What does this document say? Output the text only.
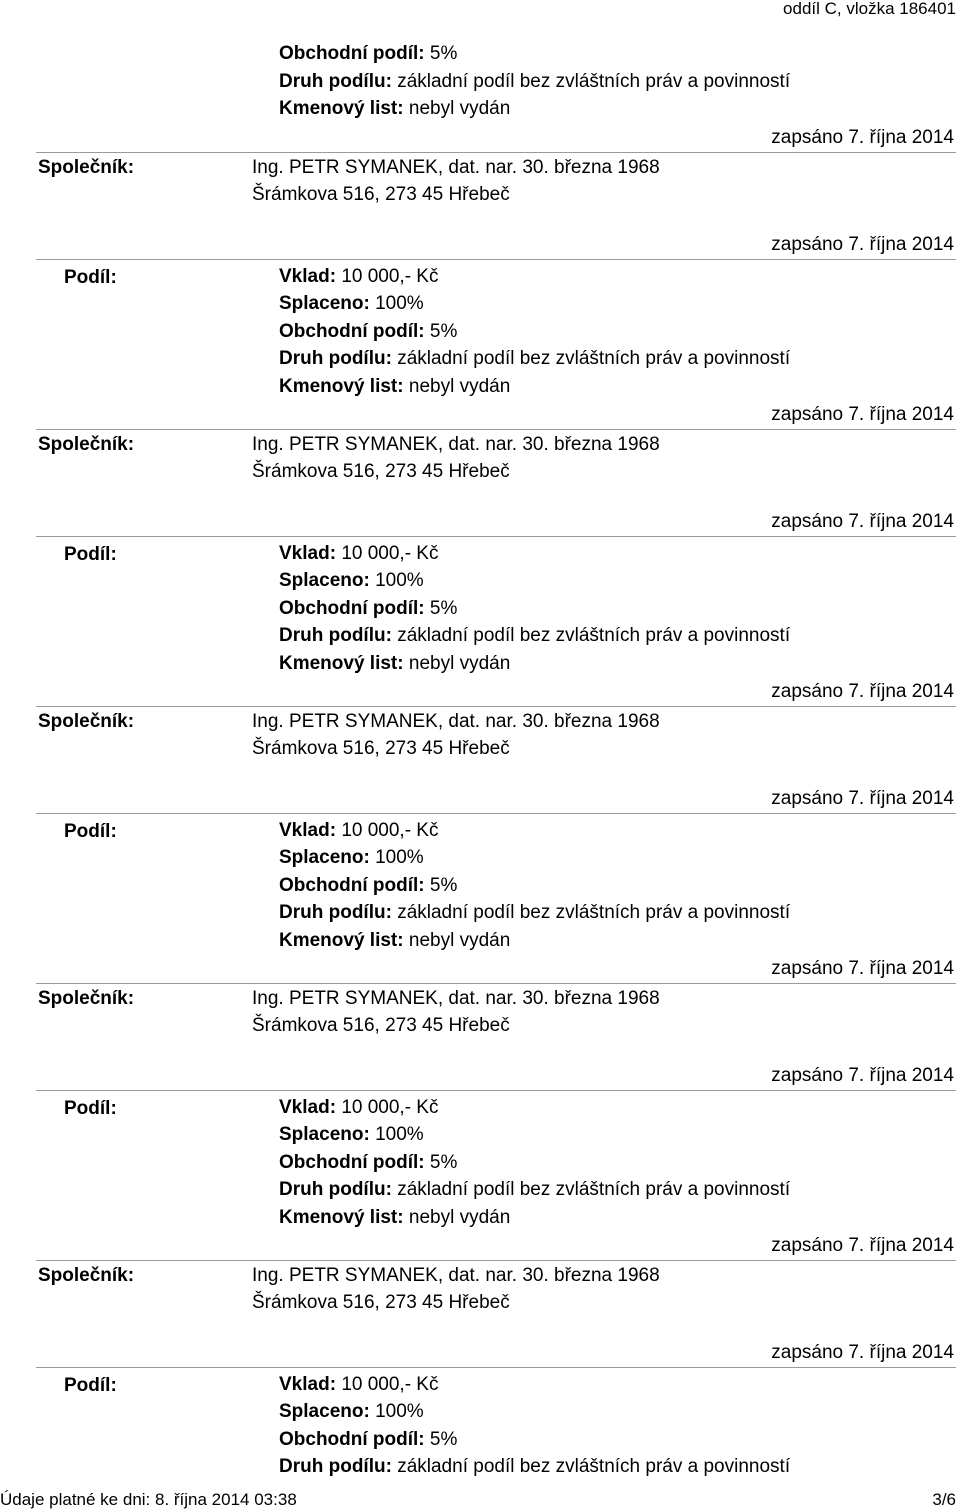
oddíl C, vložka 186401
Obchodní podíl: 5%
Druh podílu: základní podíl bez zvláštních práv a povinností
Kmenový list: nebyl vydán
zapsáno 7. října 2014
Společník:	Ing. PETR SYMANEK, dat. nar. 30. března 1968
Šrámkova 516, 273 45 Hřebeč
zapsáno 7. října 2014
Podíl:	Vklad: 10 000,- Kč
Splaceno: 100%
Obchodní podíl: 5%
Druh podílu: základní podíl bez zvláštních práv a povinností
Kmenový list: nebyl vydán
zapsáno 7. října 2014
Společník:	Ing. PETR SYMANEK, dat. nar. 30. března 1968
Šrámkova 516, 273 45 Hřebeč
zapsáno 7. října 2014
Podíl:	Vklad: 10 000,- Kč
Splaceno: 100%
Obchodní podíl: 5%
Druh podílu: základní podíl bez zvláštních práv a povinností
Kmenový list: nebyl vydán
zapsáno 7. října 2014
Společník:	Ing. PETR SYMANEK, dat. nar. 30. března 1968
Šrámkova 516, 273 45 Hřebeč
zapsáno 7. října 2014
Podíl:	Vklad: 10 000,- Kč
Splaceno: 100%
Obchodní podíl: 5%
Druh podílu: základní podíl bez zvláštních práv a povinností
Kmenový list: nebyl vydán
zapsáno 7. října 2014
Společník:	Ing. PETR SYMANEK, dat. nar. 30. března 1968
Šrámkova 516, 273 45 Hřebeč
zapsáno 7. října 2014
Podíl:	Vklad: 10 000,- Kč
Splaceno: 100%
Obchodní podíl: 5%
Druh podílu: základní podíl bez zvláštních práv a povinností
Kmenový list: nebyl vydán
zapsáno 7. října 2014
Společník:	Ing. PETR SYMANEK, dat. nar. 30. března 1968
Šrámkova 516, 273 45 Hřebeč
zapsáno 7. října 2014
Podíl:	Vklad: 10 000,- Kč
Splaceno: 100%
Obchodní podíl: 5%
Druh podílu: základní podíl bez zvláštních práv a povinností
Údaje platné ke dni: 8. října 2014 03:38	3/6
